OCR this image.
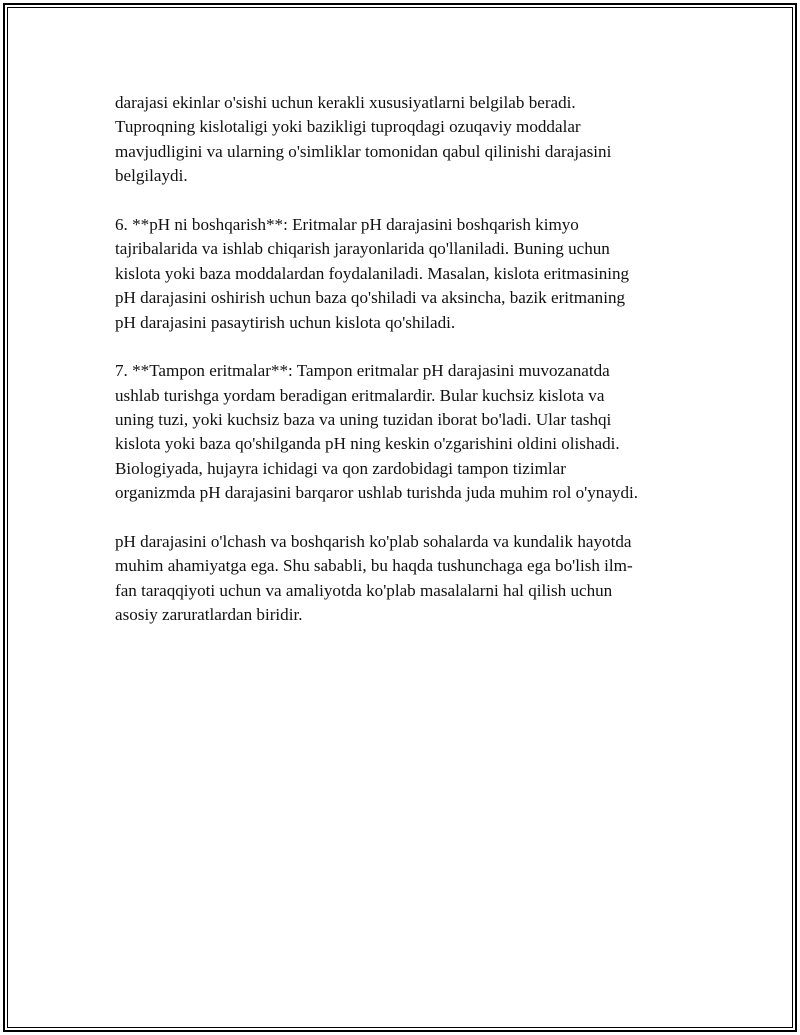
darajasi ekinlar o'sishi uchun kerakli xususiyatlarni belgilab beradi.
Tuproqning kislotaligi yoki bazikligi tuproqdagi ozuqaviy moddalar
mavjudligini va ularning o'simliklar tomonidan qabul qilinishi darajasini
belgilaydi.
6. **pH ni boshqarish**: Eritmalar pH darajasini boshqarish kimyo
tajribalarida va ishlab chiqarish jarayonlarida qo'llaniladi. Buning uchun
kislota yoki baza moddalardan foydalaniladi. Masalan, kislota eritmasining
pH darajasini oshirish uchun baza qo'shiladi va aksincha, bazik eritmaning
pH darajasini pasaytirish uchun kislota qo'shiladi.
7. **Tampon eritmalar**: Tampon eritmalar pH darajasini muvozanatda
ushlab turishga yordam beradigan eritmalardir. Bular kuchsiz kislota va
uning tuzi, yoki kuchsiz baza va uning tuzidan iborat bo'ladi. Ular tashqi
kislota yoki baza qo'shilganda pH ning keskin o'zgarishini oldini olishadi.
Biologiyada, hujayra ichidagi va qon zardobidagi tampon tizimlar
organizmda pH darajasini barqaror ushlab turishda juda muhim rol o'ynaydi.
pH darajasini o'lchash va boshqarish ko'plab sohalarda va kundalik hayotda
muhim ahamiyatga ega. Shu sababli, bu haqda tushunchaga ega bo'lish ilm-
fan taraqqiyoti uchun va amaliyotda ko'plab masalalarni hal qilish uchun
asosiy zaruratlardan biridir.
